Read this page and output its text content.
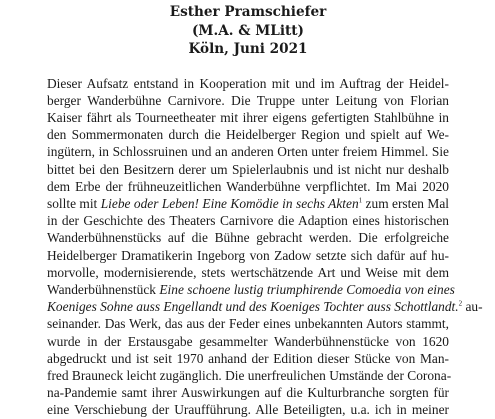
Esther Pramschiefer
(M.A. & MLitt)
Köln, Juni 2021
Dieser Aufsatz entstand in Kooperation mit und im Auftrag der Heidel-
berger Wanderbühne Carnivore. Die Truppe unter Leitung von Florian
Kaiser fährt als Tourneetheater mit ihrer eigens gefertigten Stahlbühne in
den Sommermonaten durch die Heidelberger Region und spielt auf We-
ingütern, in Schlossruinen und an anderen Orten unter freiem Himmel. Sie
bittet bei den Besitzern derer um Spielerlaubnis und ist nicht nur deshalb
dem Erbe der frühneuzeitlichen Wanderbühne verpflichtet. Im Mai 2020
sollte mit Liebe oder Leben! Eine Komödie in sechs Akten$^1$ zum ersten Mal
in der Geschichte des Theaters Carnivore die Adaption eines historischen
Wanderbühnenstücks auf die Bühne gebracht werden. Die erfolgreiche
Heidelberger Dramatikerin Ingeborg von Zadow setzte sich dafür auf hu-
morvolle, modernisierende, stets wertschätzende Art und Weise mit dem
Wanderbühnenstück Eine schoene lustig triumphirende Comoedia von eines
Koeniges Sohne auss Engellandt und des Koeniges Tochter auss Schottlandt.$^2$ au-
seinander. Das Werk, das aus der Feder eines unbekannten Autors stammt,
wurde in der Erstausgabe gesammelter Wanderbühnenstücke von 1620
abgedruckt und ist seit 1970 anhand der Edition dieser Stücke von Man-
fred Brauneck leicht zugänglich. Die unerfreulichen Umstände der Corona-
na-Pandemie samt ihrer Auswirkungen auf die Kulturbranche sorgten für
eine Verschiebung der Uraufführung. Alle Beteiligten, u.a. ich in meiner
